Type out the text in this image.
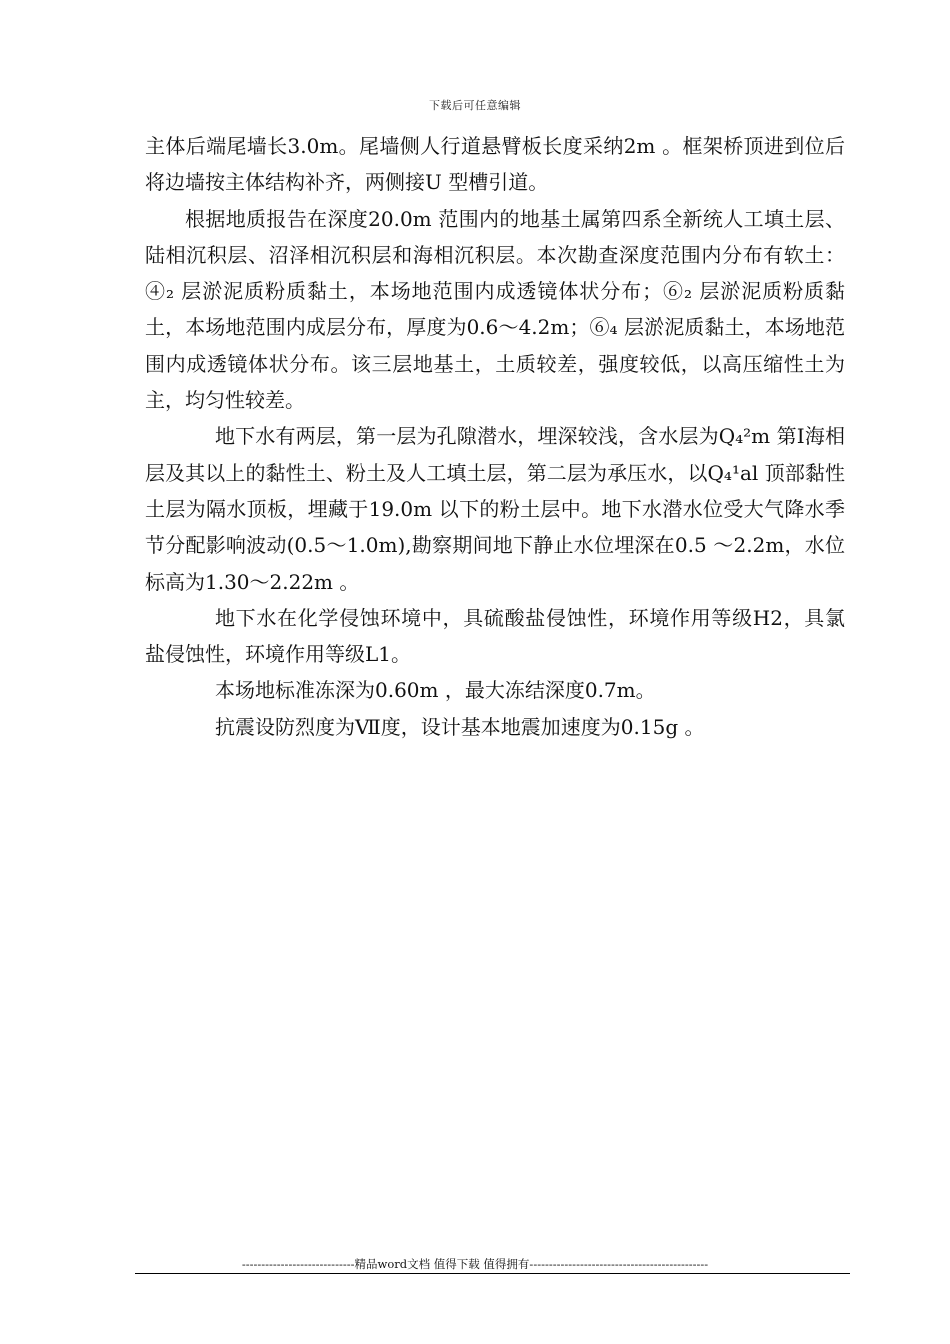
下载后可任意编辑

主体后端尾墙长3.0m。尾墙侧人行道悬臂板长度采纳2m 。框架桥顶进到位后将边墙按主体结构补齐，两侧接U 型槽引道。

根据地质报告在深度20.0m 范围内的地基土属第四系全新统人工填土层、陆相沉积层、沼泽相沉积层和海相沉积层。本次勘查深度范围内分布有软土：④₂ 层淤泥质粉质黏土，本场地范围内成透镜体状分布；⑥₂ 层淤泥质粉质黏土，本场地范围内成层分布，厚度为0.6～4.2m；⑥₄ 层淤泥质黏土，本场地范围内成透镜体状分布。该三层地基土，土质较差，强度较低，以高压缩性土为主，均匀性较差。

地下水有两层，第一层为孔隙潜水，埋深较浅，含水层为Q₄²m 第Ⅰ海相层及其以上的黏性土、粉土及人工填土层，第二层为承压水，以Q₄¹al 顶部黏性土层为隔水顶板，埋藏于19.0m 以下的粉土层中。地下水潜水位受大气降水季节分配影响波动(0.5～1.0m),勘察期间地下静止水位埋深在0.5 ～2.2m，水位标高为1.30～2.22m 。

地下水在化学侵蚀环境中，具硫酸盐侵蚀性，环境作用等级H2，具氯盐侵蚀性，环境作用等级L1。

本场地标准冻深为0.60m ，最大冻结深度0.7m。

抗震设防烈度为Ⅶ度，设计基本地震加速度为0.15g 。

-----------------------------精品word文档 值得下载 值得拥有----------------------------------------------
